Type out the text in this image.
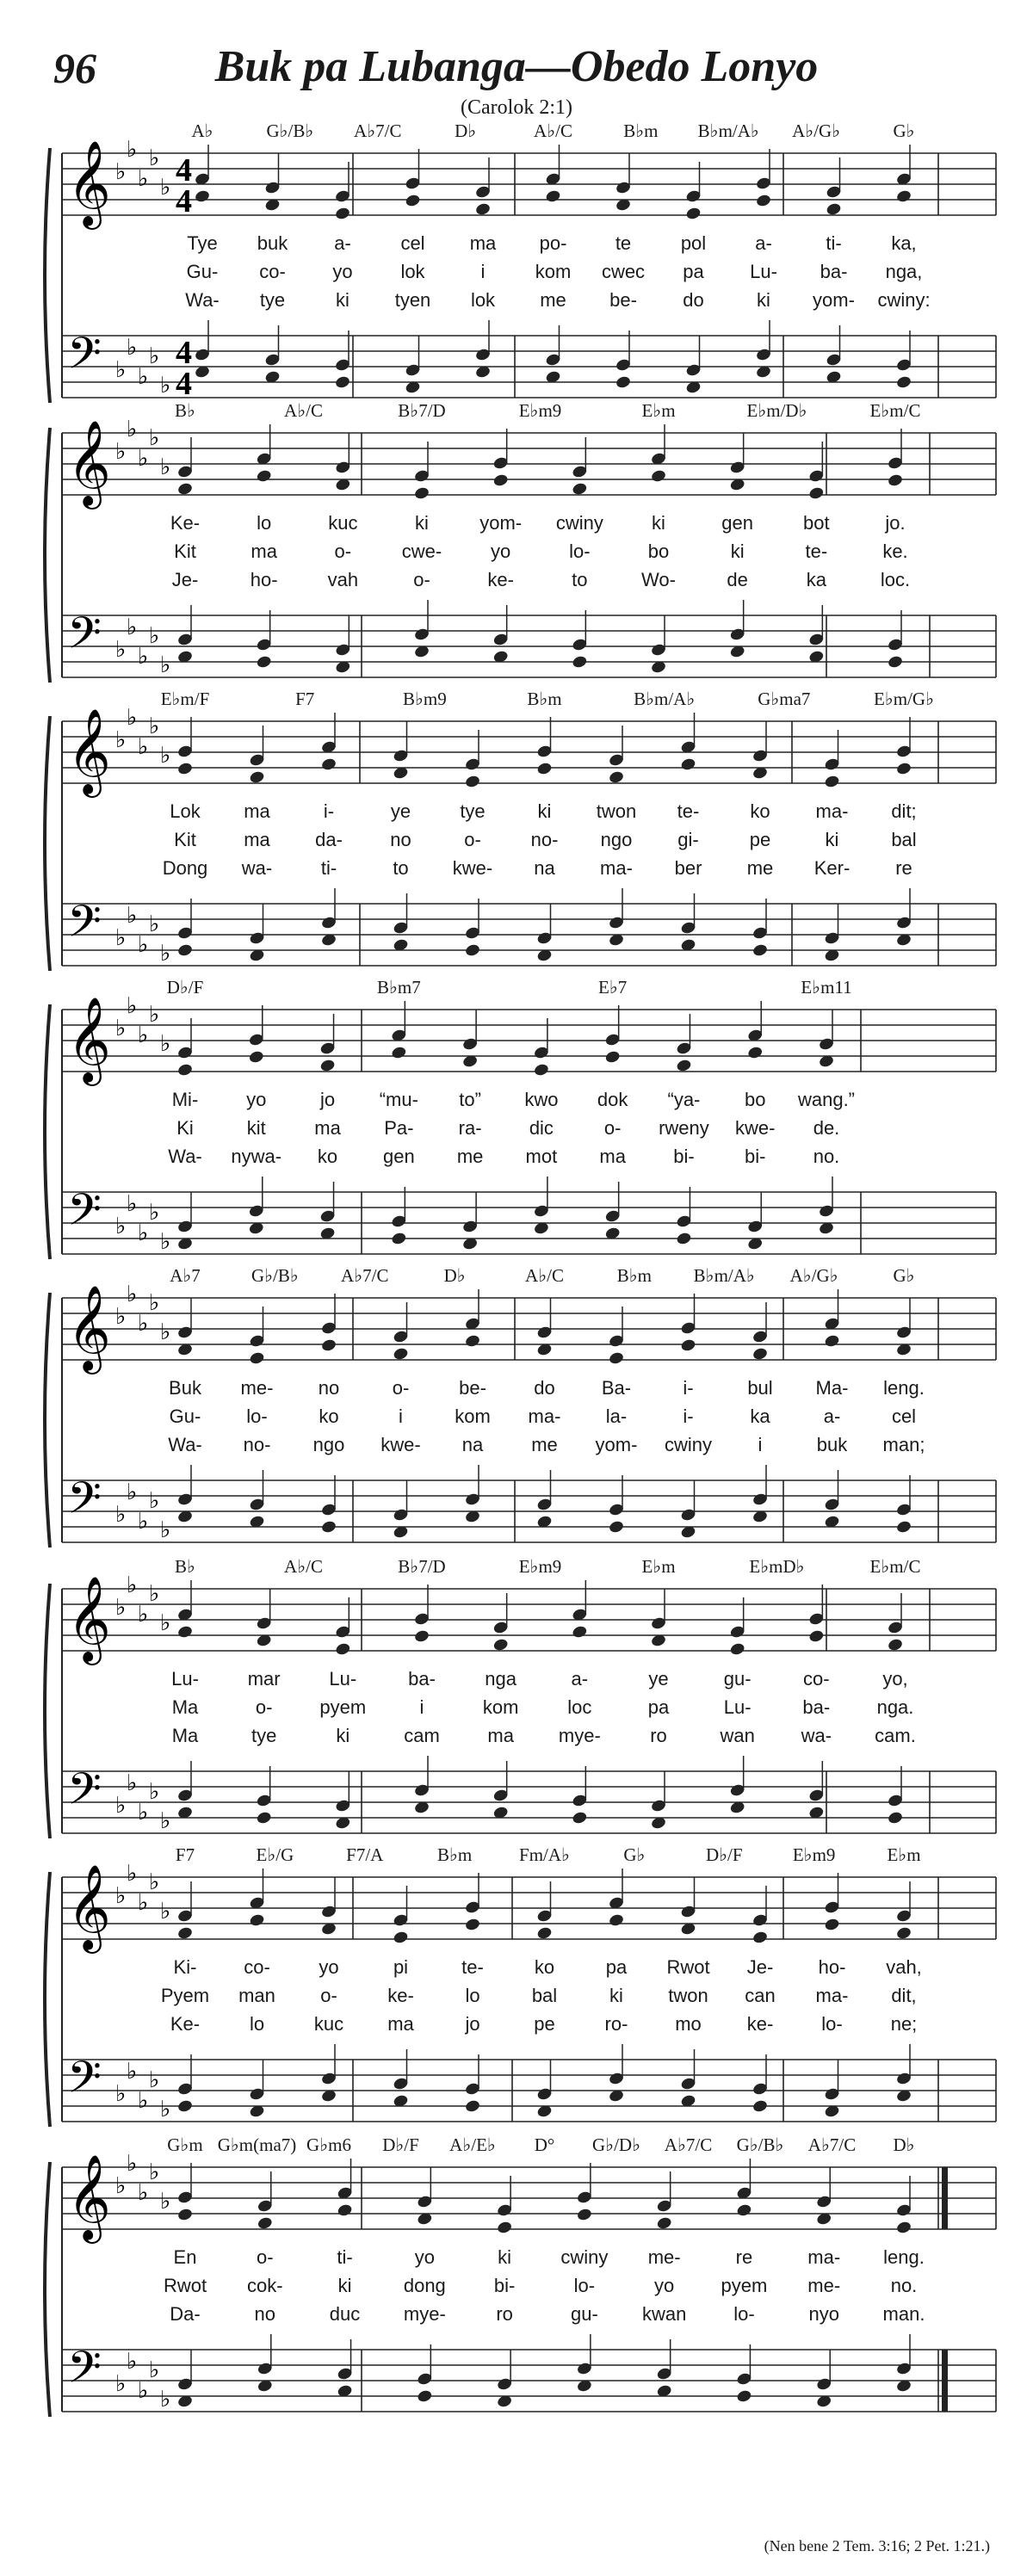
96	Buk pa Lubanga—Obedo Lonyo
(Carolok 2:1)
𝄞
𝄢
♭
♭
♭
♭
♭
♭
♭
♭
♭
♭
4
4
4
4
A♭	G♭/B♭ A♭7/C	D♭	A♭/C	B♭m B♭m/A♭ A♭/G♭	G♭
Tye buk a-	cel ma po-	te	pol	a-	ti-	ka,
Gu- co- yo	lok	i	kom cwec pa Lu- ba- nga,
Wa- tye	ki tyen lok me be- do	ki yom- cwiny:
𝄞
𝄢
♭
♭
♭
♭
♭
♭
♭
♭
♭
♭
B♭	A♭/C	B♭7/D	E♭m9	E♭m	E♭m/D♭	E♭m/C
Ke-	lo	kuc	ki	yom- cwiny	ki	gen	bot	jo.
Kit	ma	o-	cwe-	yo	lo-	bo	ki	te-	ke.
Je-	ho-	vah	o-	ke-	to	Wo-	de	ka	loc.
𝄞
𝄢
♭
♭
♭
♭
♭
♭
♭
♭
♭
♭
E♭m/F	F7	B♭m9	B♭m	B♭m/A♭	G♭ma7	E♭m/G♭
Lok ma	i-	ye	tye	ki twon te-	ko ma- dit;
Kit	ma da-	no	o-	no- ngo gi-	pe	ki	bal
Dong wa-	ti-	to kwe- na ma- ber me Ker- re
𝄞
𝄢
♭
♭
♭
♭
♭
♭
♭
♭
♭
♭
D♭/F	B♭m7	E♭7	E♭m11
Mi-	yo	jo “mu- to” kwo dok “ya- bo wang.”
Ki	kit	ma Pa- ra-	dic	o- rweny kwe- de.
Wa- nywa- ko gen me mot ma	bi-	bi-	no.
𝄞
𝄢
♭
♭
♭
♭
♭
♭
♭
♭
♭
♭
A♭7	G♭/B♭ A♭7/C	D♭	A♭/C	B♭m B♭m/A♭ A♭/G♭	G♭
Buk me- no	o-	be-	do Ba-	i-	bul Ma- leng.
Gu- lo-	ko	i	kom ma- la-	i-	ka	a-	cel
Wa- no- ngo kwe- na	me yom- cwiny i	buk man;
𝄞
𝄢
♭
♭
♭
♭
♭
♭
♭
♭
♭
♭
B♭	A♭/C	B♭7/D	E♭m9	E♭m	E♭mD♭	E♭m/C
Lu-	mar	Lu-	ba-	nga	a-	ye	gu-	co-	yo,
Ma	o- pyem	i	kom	loc	pa	Lu-	ba- nga.
Ma	tye	ki	cam	ma mye-	ro	wan wa- cam.
𝄞
𝄢
♭
♭
♭
♭
♭
♭
♭
♭
♭
♭
F7	E♭/G	F7/A	B♭m	Fm/A♭	G♭	D♭/F	E♭m9	E♭m
Ki- co-	yo	pi	te-	ko	pa Rwot Je- ho- vah,
Pyem man o-	ke-	lo	bal	ki twon can ma- dit,
Ke-	lo	kuc ma	jo	pe	ro- mo ke-	lo-	ne;
𝄞
𝄢
♭
♭
♭
♭
♭
♭
♭
♭
♭
♭
G♭m G♭m(ma7) G♭m6 D♭/F A♭/E♭ D° G♭/D♭ A♭7/C G♭/B♭ A♭7/C D♭
En	o-	ti-	yo	ki	cwiny me-	re	ma- leng.
Rwot cok-	ki	dong	bi-	lo-	yo pyem me-	no.
Da-	no	duc mye-	ro	gu- kwan lo-	nyo man.
(Nen bene 2 Tem. 3:16; 2 Pet. 1:21.)
